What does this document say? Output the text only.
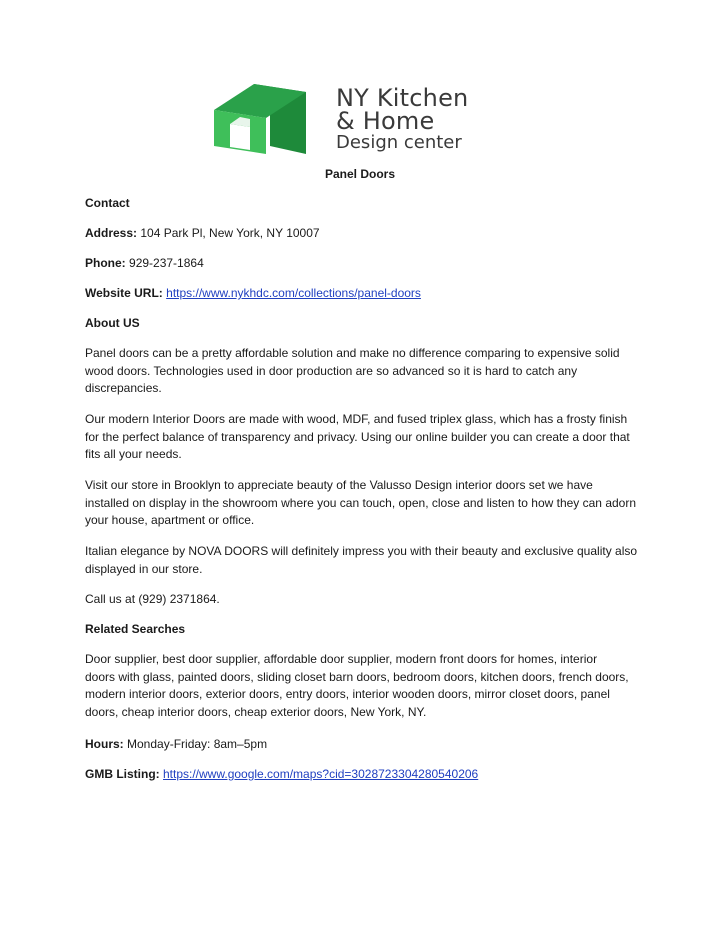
NY Kitchen
& Home
Design center
Panel Doors
Contact
Address: 104 Park Pl, New York, NY 10007
Phone: 929-237-1864
Website URL: https://www.nykhdc.com/collections/panel-doors
About US
Panel doors can be a pretty affordable solution and make no difference comparing to expensive solid
wood doors. Technologies used in door production are so advanced so it is hard to catch any
discrepancies.
Our modern Interior Doors are made with wood, MDF, and fused triplex glass, which has a frosty finish
for the perfect balance of transparency and privacy. Using our online builder you can create a door that
fits all your needs.
Visit our store in Brooklyn to appreciate beauty of the Valusso Design interior doors set we have
installed on display in the showroom where you can touch, open, close and listen to how they can adorn
your house, apartment or office.
Italian elegance by NOVA DOORS will definitely impress you with their beauty and exclusive quality also
displayed in our store.
Call us at (929) 2371864.
Related Searches
Door supplier, best door supplier, affordable door supplier, modern front doors for homes, interior
doors with glass, painted doors, sliding closet barn doors, bedroom doors, kitchen doors, french doors,
modern interior doors, exterior doors, entry doors, interior wooden doors, mirror closet doors, panel
doors, cheap interior doors, cheap exterior doors, New York, NY.
Hours: Monday-Friday: 8am–5pm
GMB Listing: https://www.google.com/maps?cid=3028723304280540206
